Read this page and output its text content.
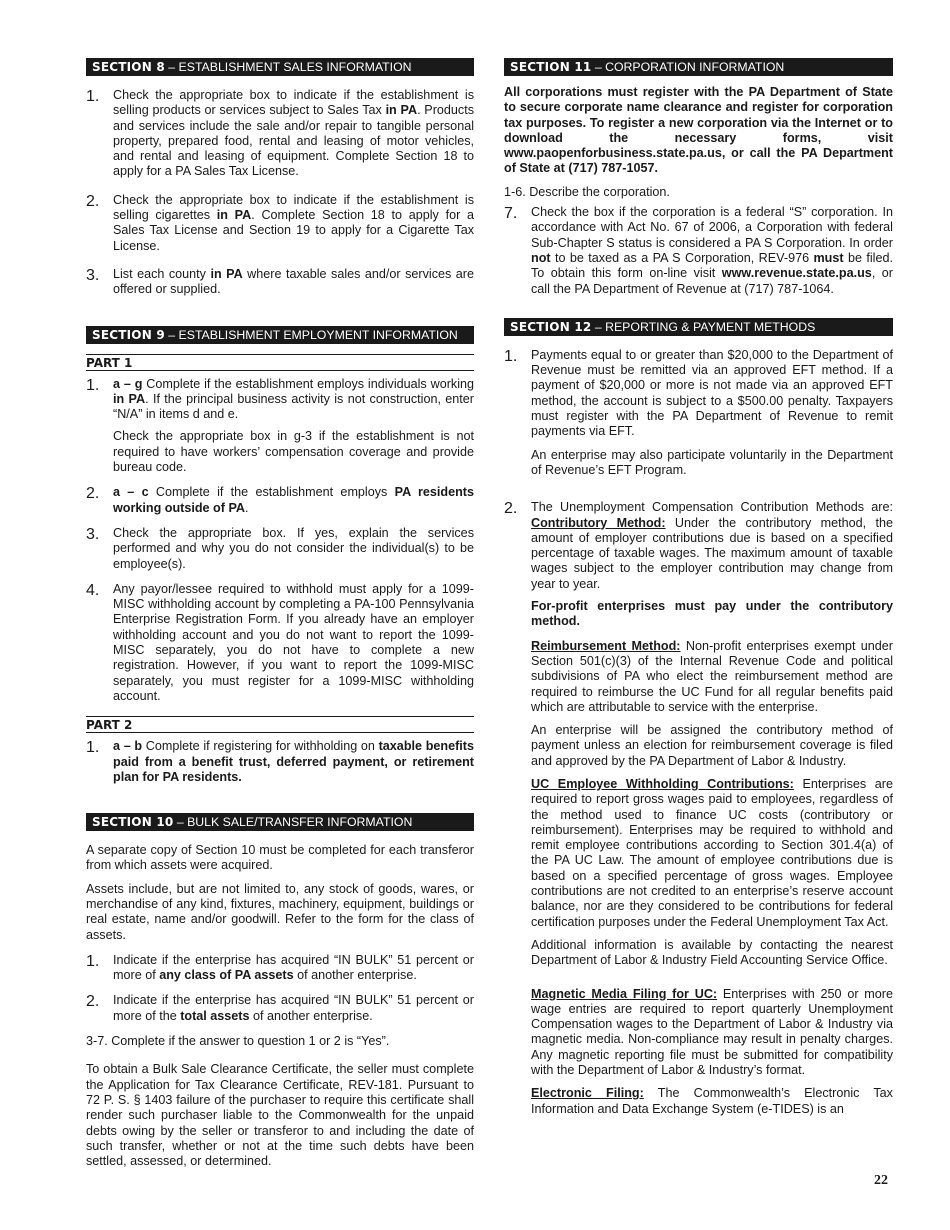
SECTION 8 – ESTABLISHMENT SALES INFORMATION
1. Check the appropriate box to indicate if the establishment is selling products or services subject to Sales Tax in PA. Products and services include the sale and/or repair to tangible personal property, prepared food, rental and leasing of motor vehicles, and rental and leasing of equipment. Complete Section 18 to apply for a PA Sales Tax License.

2. Check the appropriate box to indicate if the establishment is selling cigarettes in PA. Complete Section 18 to apply for a Sales Tax License and Section 19 to apply for a Cigarette Tax License.

3. List each county in PA where taxable sales and/or services are offered or supplied.

SECTION 9 – ESTABLISHMENT EMPLOYMENT INFORMATION
PART 1
1. a – g Complete if the establishment employs individuals working in PA. If the principal business activity is not construction, enter “N/A” in items d and e.

Check the appropriate box in g-3 if the establishment is not required to have workers’ compensation coverage and provide bureau code.

2. a – c Complete if the establishment employs PA residents working outside of PA.

3. Check the appropriate box. If yes, explain the services performed and why you do not consider the individual(s) to be employee(s).

4. Any payor/lessee required to withhold must apply for a 1099-MISC withholding account by completing a PA-100 Pennsylvania Enterprise Registration Form. If you already have an employer withholding account and you do not want to report the 1099-MISC separately, you do not have to complete a new registration. However, if you want to report the 1099-MISC separately, you must register for a 1099-MISC withholding account.

PART 2
1. a – b Complete if registering for withholding on taxable benefits paid from a benefit trust, deferred payment, or retirement plan for PA residents.

SECTION 10 – BULK SALE/TRANSFER INFORMATION

A separate copy of Section 10 must be completed for each transferor from which assets were acquired.

Assets include, but are not limited to, any stock of goods, wares, or merchandise of any kind, fixtures, machinery, equipment, buildings or real estate, name and/or goodwill. Refer to the form for the class of assets.

1. Indicate if the enterprise has acquired “IN BULK” 51 percent or more of any class of PA assets of another enterprise.

2. Indicate if the enterprise has acquired “IN BULK” 51 percent or more of the total assets of another enterprise.

3-7. Complete if the answer to question 1 or 2 is “Yes”.

To obtain a Bulk Sale Clearance Certificate, the seller must complete the Application for Tax Clearance Certificate, REV-181. Pursuant to 72 P. S. § 1403 failure of the purchaser to require this certificate shall render such purchaser liable to the Commonwealth for the unpaid debts owing by the seller or transferor to and including the date of such transfer, whether or not at the time such debts have been settled, assessed, or determined.

SECTION 11 – CORPORATION INFORMATION

All corporations must register with the PA Department of State to secure corporate name clearance and register for corporation tax purposes. To register a new corporation via the Internet or to download the necessary forms, visit www.paopenforbusiness.state.pa.us, or call the PA Department of State at (717) 787-1057.

1-6. Describe the corporation.

7. Check the box if the corporation is a federal “S” corporation. In accordance with Act No. 67 of 2006, a Corporation with federal Sub-Chapter S status is considered a PA S Corporation. In order not to be taxed as a PA S Corporation, REV-976 must be filed. To obtain this form on-line visit www.revenue.state.pa.us, or call the PA Department of Revenue at (717) 787-1064.

SECTION 12 – REPORTING & PAYMENT METHODS
1. Payments equal to or greater than $20,000 to the Department of Revenue must be remitted via an approved EFT method. If a payment of $20,000 or more is not made via an approved EFT method, the account is subject to a $500.00 penalty. Taxpayers must register with the PA Department of Revenue to remit payments via EFT.

An enterprise may also participate voluntarily in the Department of Revenue’s EFT Program.

2. The Unemployment Compensation Contribution Methods are: Contributory Method: Under the contributory method, the amount of employer contributions due is based on a specified percentage of taxable wages. The maximum amount of taxable wages subject to the employer contribution may change from year to year.

For-profit enterprises must pay under the contributory method.

Reimbursement Method: Non-profit enterprises exempt under Section 501(c)(3) of the Internal Revenue Code and political subdivisions of PA who elect the reimbursement method are required to reimburse the UC Fund for all regular benefits paid which are attributable to service with the enterprise.

An enterprise will be assigned the contributory method of payment unless an election for reimbursement coverage is filed and approved by the PA Department of Labor & Industry.

UC Employee Withholding Contributions: Enterprises are required to report gross wages paid to employees, regardless of the method used to finance UC costs (contributory or reimbursement). Enterprises may be required to withhold and remit employee contributions according to Section 301.4(a) of the PA UC Law. The amount of employee contributions due is based on a specified percentage of gross wages. Employee contributions are not credited to an enterprise’s reserve account balance, nor are they considered to be contributions for federal certification purposes under the Federal Unemployment Tax Act.

Additional information is available by contacting the nearest Department of Labor & Industry Field Accounting Service Office.

Magnetic Media Filing for UC: Enterprises with 250 or more wage entries are required to report quarterly Unemployment Compensation wages to the Department of Labor & Industry via magnetic media. Non-compliance may result in penalty charges. Any magnetic reporting file must be submitted for compatibility with the Department of Labor & Industry’s format.

Electronic Filing: The Commonwealth’s Electronic Tax Information and Data Exchange System (e-TIDES) is an

22
